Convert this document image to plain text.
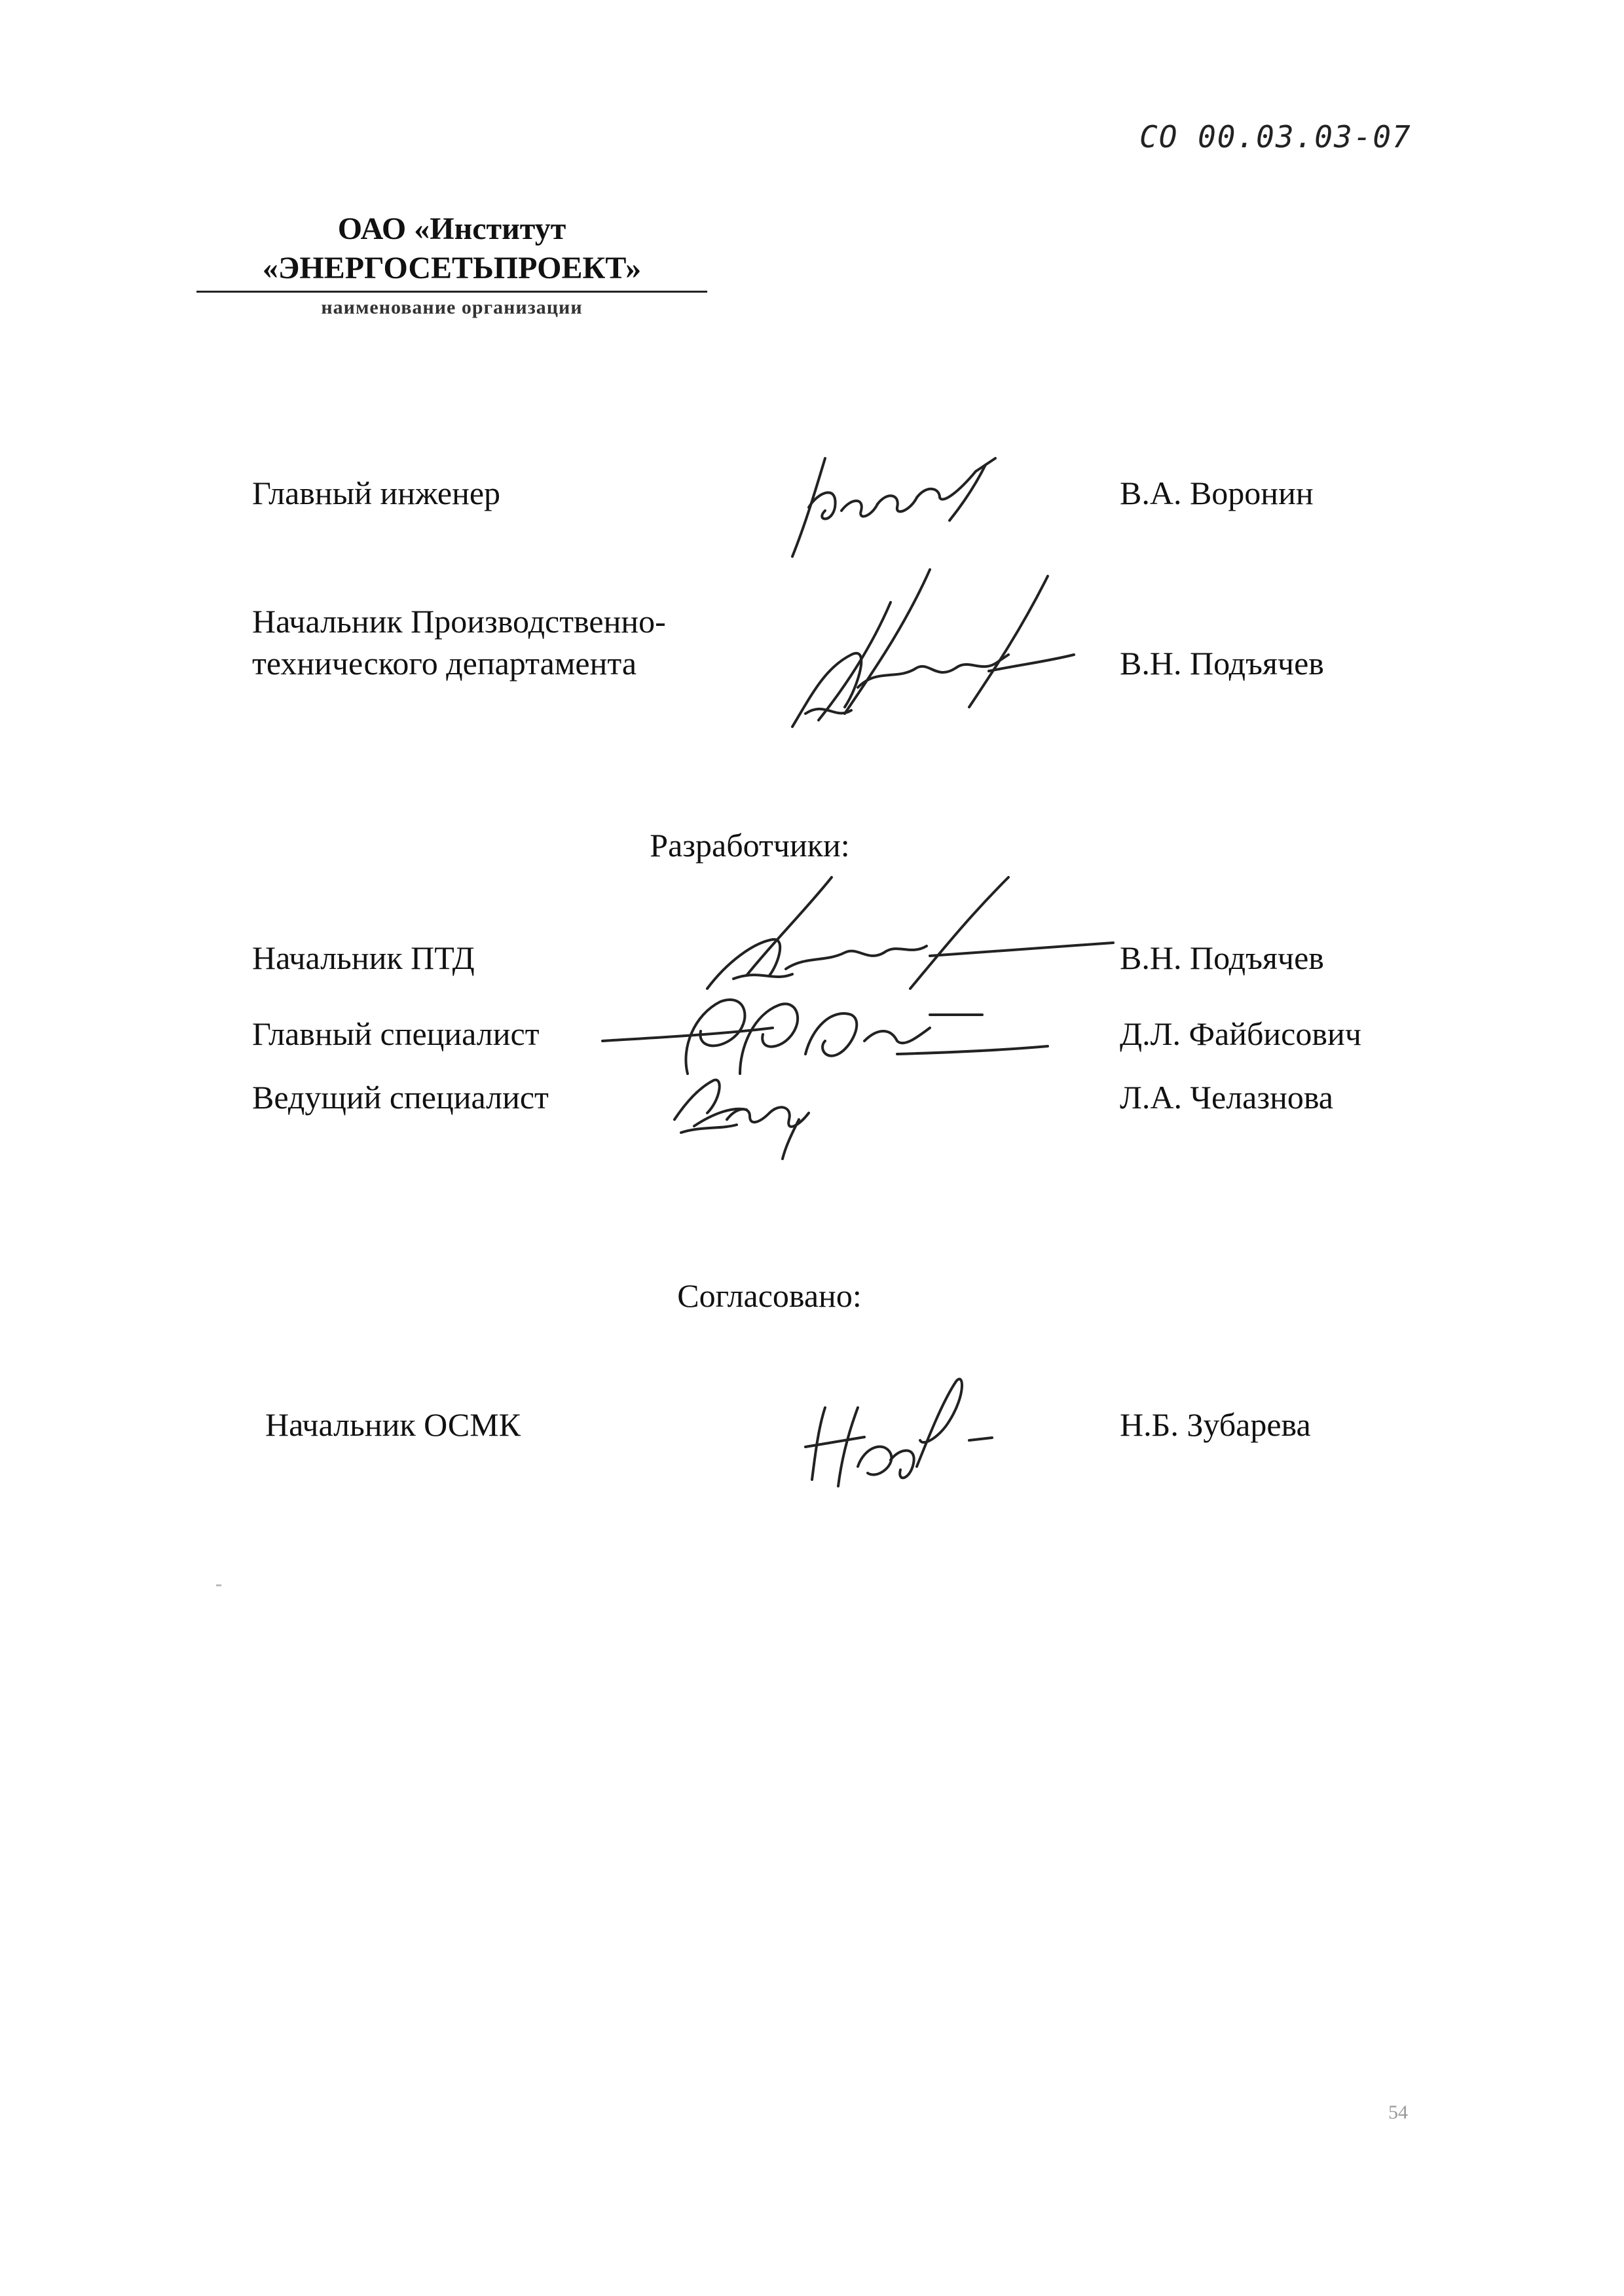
СО 00.03.03-07
ОАО «Институт
«ЭНЕРГОСЕТЬПРОЕКТ»
наименование организации
Главный инженер	В.А. Воронин
Начальник Производственно-
технического департамента	В.Н. Подъячев
Разработчики:
Начальник ПТД	В.Н. Подъячев
Главный специалист	Д.Л. Файбисович
Ведущий специалист	Л.А. Челазнова
Согласовано:
Начальник ОСМК	Н.Б. Зубарева
54
